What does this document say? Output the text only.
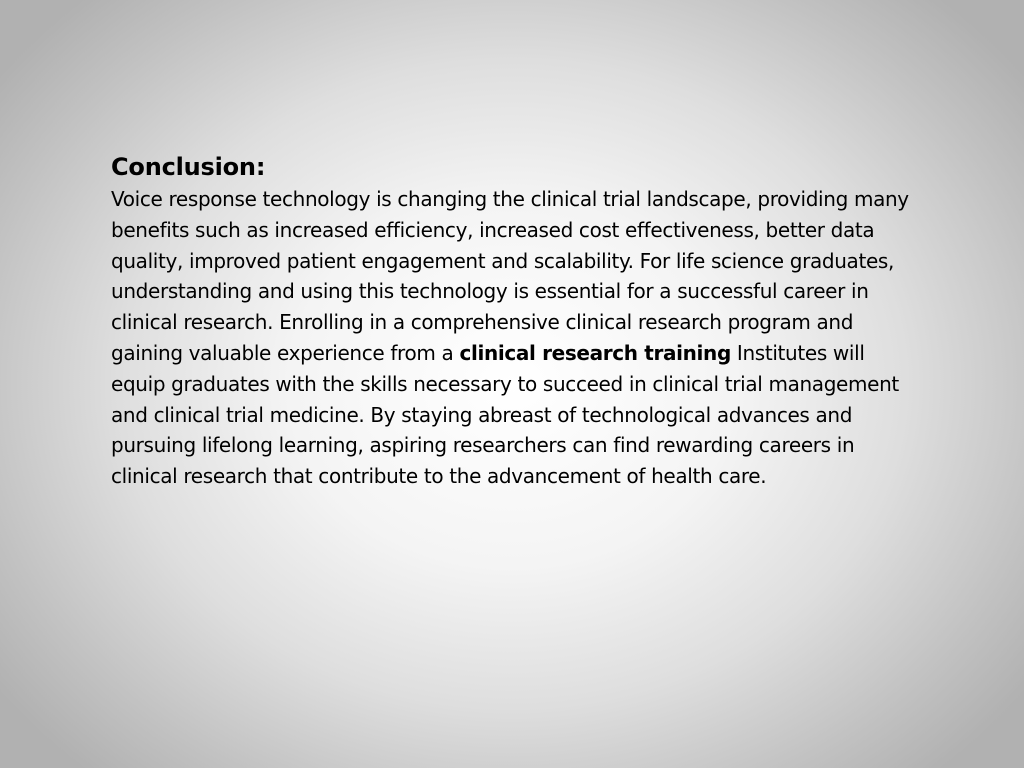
Conclusion:

Voice response technology is changing the clinical trial landscape, providing many benefits such as increased efficiency, increased cost effectiveness, better data quality, improved patient engagement and scalability. For life science graduates, understanding and using this technology is essential for a successful career in clinical research. Enrolling in a comprehensive clinical research program and gaining valuable experience from a clinical research training Institutes will equip graduates with the skills necessary to succeed in clinical trial management and clinical trial medicine. By staying abreast of technological advances and pursuing lifelong learning, aspiring researchers can find rewarding careers in clinical research that contribute to the advancement of health care.
